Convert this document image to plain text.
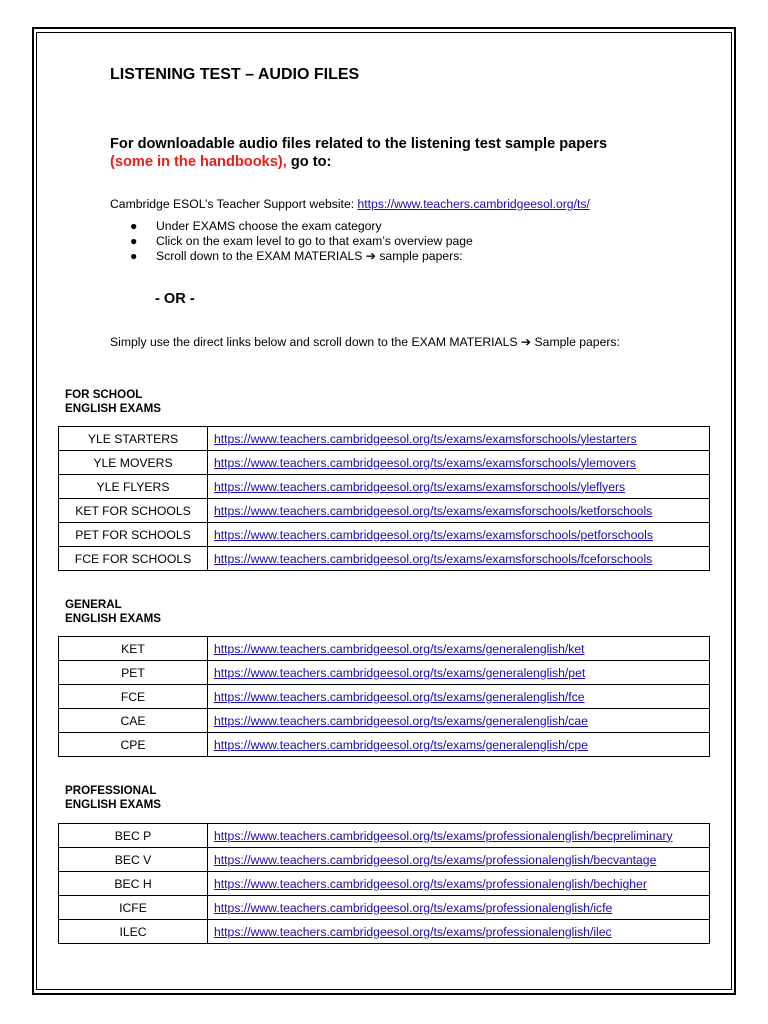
LISTENING TEST – AUDIO FILES

For downloadable audio files related to the listening test sample papers
(some in the handbooks), go to:

Cambridge ESOL’s Teacher Support website: https://www.teachers.cambridgeesol.org/ts/

● Under EXAMS choose the exam category
● Click on the exam level to go to that exam’s overview page
● Scroll down to the EXAM MATERIALS ➔ sample papers:

- OR -

Simply use the direct links below and scroll down to the EXAM MATERIALS ➔ Sample papers:

FOR SCHOOL
ENGLISH EXAMS

YLE STARTERS	https://www.teachers.cambridgeesol.org/ts/exams/examsforschools/ylestarters
YLE MOVERS	https://www.teachers.cambridgeesol.org/ts/exams/examsforschools/ylemovers
YLE FLYERS	https://www.teachers.cambridgeesol.org/ts/exams/examsforschools/yleflyers
KET FOR SCHOOLS	https://www.teachers.cambridgeesol.org/ts/exams/examsforschools/ketforschools
PET FOR SCHOOLS	https://www.teachers.cambridgeesol.org/ts/exams/examsforschools/petforschools
FCE FOR SCHOOLS	https://www.teachers.cambridgeesol.org/ts/exams/examsforschools/fceforschools

GENERAL
ENGLISH EXAMS

KET	https://www.teachers.cambridgeesol.org/ts/exams/generalenglish/ket
PET	https://www.teachers.cambridgeesol.org/ts/exams/generalenglish/pet
FCE	https://www.teachers.cambridgeesol.org/ts/exams/generalenglish/fce
CAE	https://www.teachers.cambridgeesol.org/ts/exams/generalenglish/cae
CPE	https://www.teachers.cambridgeesol.org/ts/exams/generalenglish/cpe

PROFESSIONAL
ENGLISH EXAMS

BEC P	https://www.teachers.cambridgeesol.org/ts/exams/professionalenglish/becpreliminary
BEC V	https://www.teachers.cambridgeesol.org/ts/exams/professionalenglish/becvantage
BEC H	https://www.teachers.cambridgeesol.org/ts/exams/professionalenglish/bechigher
ICFE	https://www.teachers.cambridgeesol.org/ts/exams/professionalenglish/icfe
ILEC	https://www.teachers.cambridgeesol.org/ts/exams/professionalenglish/ilec
